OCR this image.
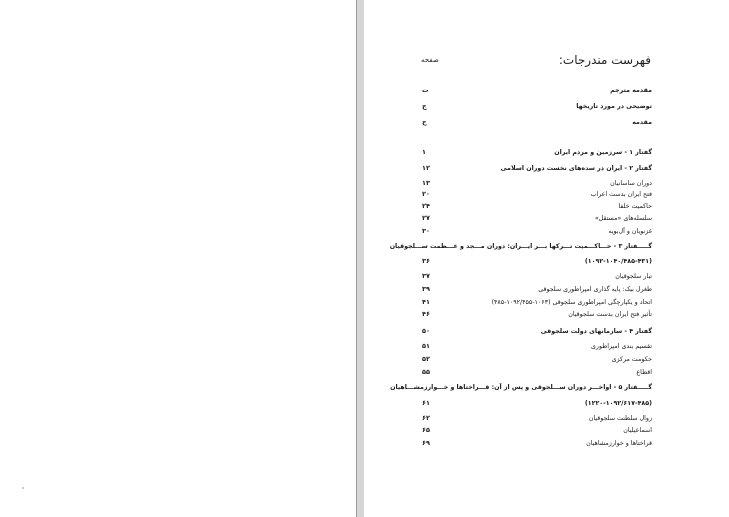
فهرست مندرجات:
صفحه
مقدمه مترجم
ت
توضیحی در مورد تاریخها
ج
مقدمه
ح
گفتار ۱ - سرزمین و مردم ایران
۱
گفتار ۲ - ایران در سده‌های نخست دوران اسلامی
۱۲
دوران ساسانیان
۱۳
فتح ایران بدست اعراب
۲۰
حاکمیت خلفا
۲۴
سلسله‌های «مستقل»
۲۷
غزنویان و آل‌بویه
۳۰
گـــــفتار ۳ - حـــاکـــمیت تـــرکها بـــر ایـــران: دوران مـــجد و عـــظمت ســـلجوقیان
(۱۰۹۲-۱۰۴۰/۴۸۵-۴۳۱)
۳۶
تبار سلجوقیان
۳۷
طغرل بیک: پایه گذاری امپراطوری سلجوقی
۳۹
اتحاد و یکپارچگی امپراطوری سلجوقی (۱۰۶۳-۱۰۹۲/۴۵۵-۴۸۵)
۴۱
تأثیر فتح ایران بدست سلجوقیان
۴۶
گفتار ۴ - سازمانهای دولت سلجوقی
۵۰
تقسیم بندی امپراطوری
۵۱
حکومت مرکزی
۵۲
اقطاع
۵۵
گـــــفتار ۵ - اواخـــر دوران ســـلجوقی و پس از آن: قـــراختاها و خـــوارزمشـــاهیان
(۱۲۲۰-۱۰۹۲/۶۱۷-۴۸۵)
۶۱
زوال سلطنت سلجوقیان
۶۲
اسماعیلیان
۶۵
قراختاها و خوارزمشاهیان
۶۹
